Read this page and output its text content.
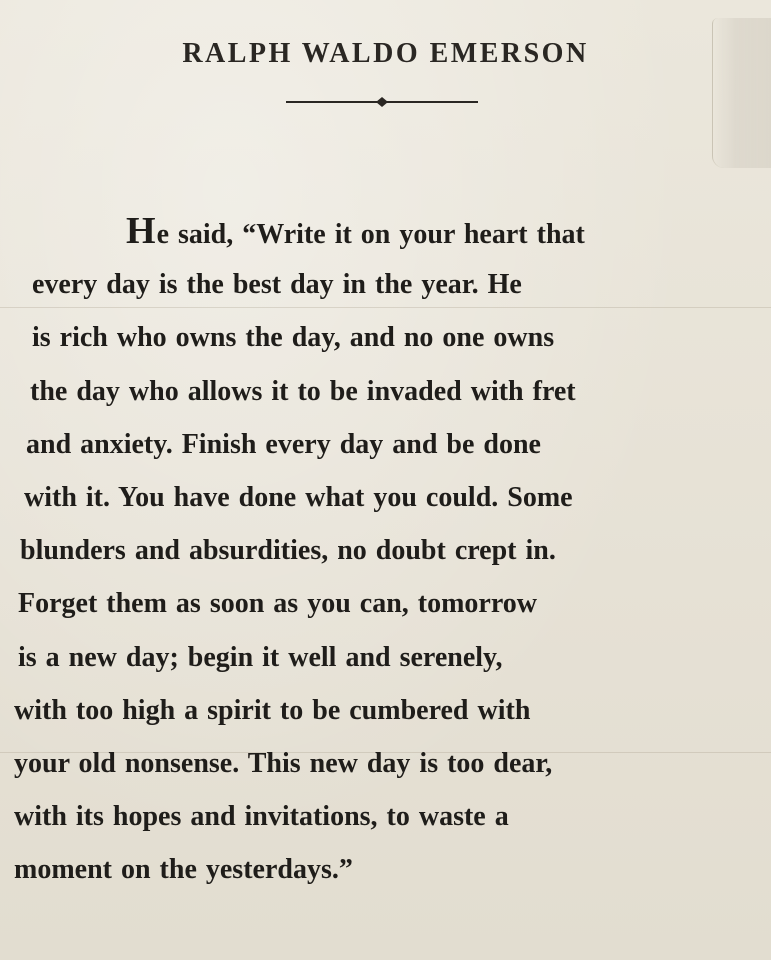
RALPH WALDO EMERSON
He said, “Write it on your heart that
every day is the best day in the year. He
is rich who owns the day, and no one owns
the day who allows it to be invaded with fret
and anxiety. Finish every day and be done
with it. You have done what you could. Some
blunders and absurdities, no doubt crept in.
Forget them as soon as you can, tomorrow
is a new day; begin it well and serenely,
with too high a spirit to be cumbered with
your old nonsense. This new day is too dear,
with its hopes and invitations, to waste a
moment on the yesterdays.”
